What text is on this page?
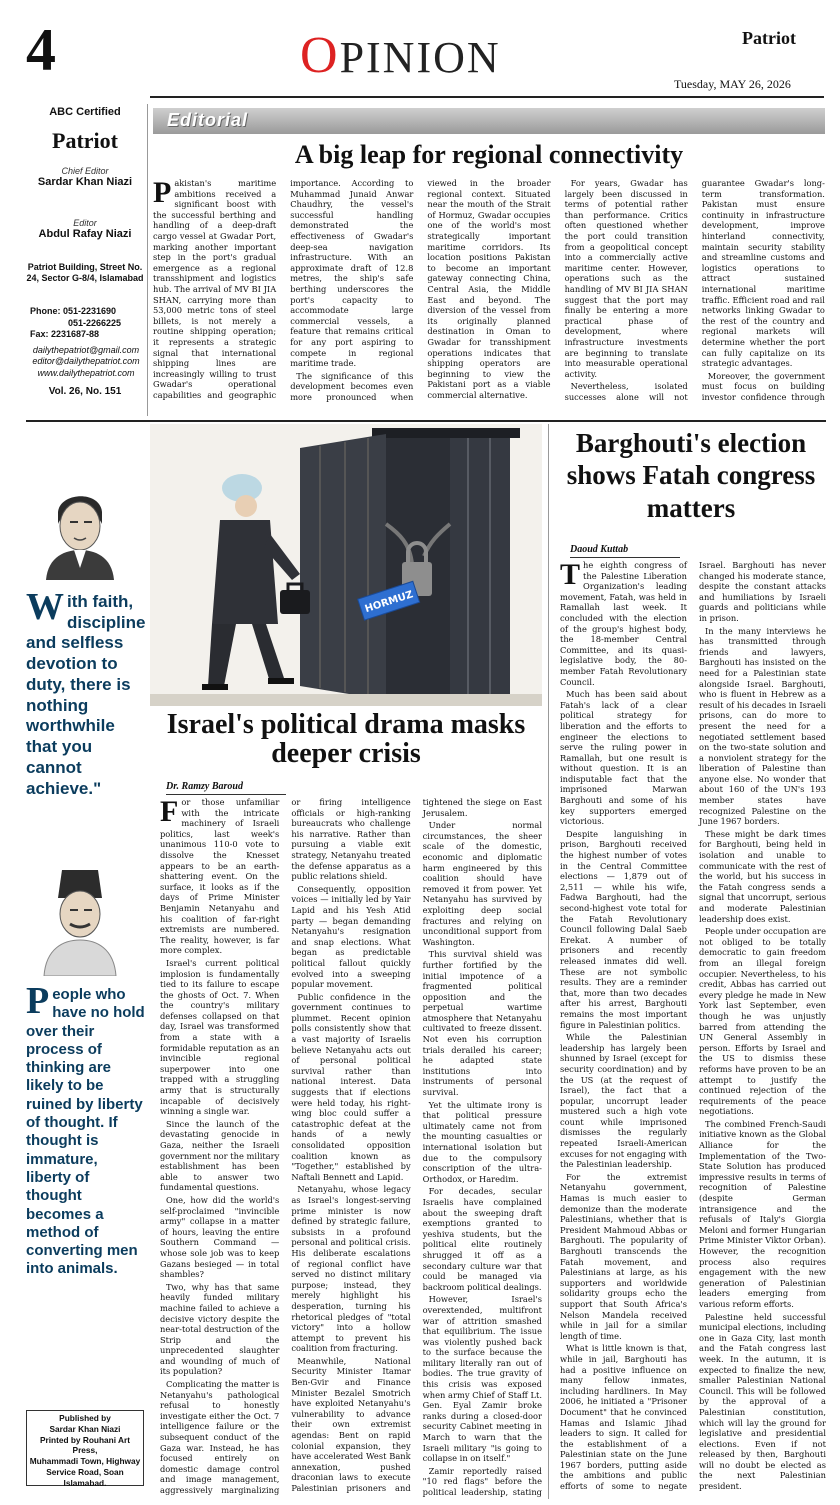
4	OPINION	Patriot
Tuesday, MAY 26, 2026
ABC Certified
Patriot
Chief Editor
Sardar Khan Niazi
Editor
Abdul Rafay Niazi
Patriot Building, Street No. 24, Sector G-8/4, Islamabad
Phone: 051-2231690
051-2266225
Fax: 2231687-88
dailythepatriot@gmail.com
editor@dailythepatriot.com
www.dailythepatriot.com
Vol. 26, No. 151
Editorial
A big leap for regional connectivity

Pakistan's maritime ambitions received a significant boost with the successful berthing and handling of a deep-draft cargo vessel at Gwadar Port, marking another important step in the port's gradual emergence as a regional transshipment and logistics hub. The arrival of MV BI JIA SHAN, carrying more than 53,000 metric tons of steel billets, is not merely a routine shipping operation; it represents a strategic signal that international shipping lines are increasingly willing to trust Gwadar's operational capabilities and geographic importance. According to Muhammad Junaid Anwar Chaudhry, the vessel's successful handling demonstrated the effectiveness of Gwadar's deep-sea navigation infrastructure. With an approximate draft of 12.8 metres, the ship's safe berthing underscores the port's capacity to accommodate large commercial vessels, a feature that remains critical for any port aspiring to compete in regional maritime trade.

The significance of this development becomes even more pronounced when viewed in the broader regional context. Situated near the mouth of the Strait of Hormuz, Gwadar occupies one of the world's most strategically important maritime corridors. Its location positions Pakistan to become an important gateway connecting China, Central Asia, the Middle East and beyond. The diversion of the vessel from its originally planned destination in Oman to Gwadar for transshipment operations indicates that shipping operators are beginning to view the Pakistani port as a viable commercial alternative.

For years, Gwadar has largely been discussed in terms of potential rather than performance. Critics often questioned whether the port could transition from a geopolitical concept into a commercially active maritime center. However, operations such as the handling of MV BI JIA SHAN suggest that the port may finally be entering a more practical phase of development, where infrastructure investments are beginning to translate into measurable operational activity.

Nevertheless, isolated successes alone will not guarantee Gwadar's long-term transformation. Pakistan must ensure continuity in infrastructure development, improve hinterland connectivity, maintain security stability and streamline customs and logistics operations to attract sustained international maritime traffic. Efficient road and rail networks linking Gwadar to the rest of the country and regional markets will determine whether the port can fully capitalize on its strategic advantages.

Moreover, the government must focus on building investor confidence through

HORMUZ
With faith, discipline and selfless devotion to duty, there is nothing worthwhile that you cannot achieve."
People who have no hold over their process of thinking are likely to be ruined by liberty of thought. If thought is immature, liberty of thought becomes a method of converting men into animals.
Published by
Sardar Khan Niazi
Printed by Rouhani Art Press,
Muhammadi Town, Highway
Service Road, Soan Islamabad.
Israel's political drama masks deeper crisis
Dr. Ramzy Baroud

For those unfamiliar with the intricate machinery of Israeli politics, last week's unanimous 110-0 vote to dissolve the Knesset appears to be an earth-shattering event. On the surface, it looks as if the days of Prime Minister Benjamin Netanyahu and his coalition of far-right extremists are numbered. The reality, however, is far more complex.

Israel's current political implosion is fundamentally tied to its failure to escape the ghosts of Oct. 7. When the country's military defenses collapsed on that day, Israel was transformed from a state with a formidable reputation as an invincible regional superpower into one trapped with a struggling army that is structurally incapable of decisively winning a single war.

Since the launch of the devastating genocide in Gaza, neither the Israeli government nor the military establishment has been able to answer two fundamental questions.

One, how did the world's self-proclaimed "invincible army" collapse in a matter of hours, leaving the entire Southern Command — whose sole job was to keep Gazans besieged — in total shambles?

Two, why has that same heavily funded military machine failed to achieve a decisive victory despite the near-total destruction of the Strip and the unprecedented slaughter and wounding of much of its population?

Complicating the matter is Netanyahu's pathological refusal to honestly investigate either the Oct. 7 intelligence failure or the subsequent conduct of the Gaza war. Instead, he has focused entirely on domestic damage control and image management, aggressively marginalizing or firing intelligence officials or high-ranking bureaucrats who challenge his narrative. Rather than pursuing a viable exit strategy, Netanyahu treated the defense apparatus as a public relations shield.

Consequently, opposition voices — initially led by Yair Lapid and his Yesh Atid party — began demanding Netanyahu's resignation and snap elections. What began as predictable political fallout quickly evolved into a sweeping popular movement.

Public confidence in the government continues to plummet. Recent opinion polls consistently show that a vast majority of Israelis believe Netanyahu acts out of personal political survival rather than national interest. Data suggests that if elections were held today, his right-wing bloc could suffer a catastrophic defeat at the hands of a newly consolidated opposition coalition known as "Together," established by Naftali Bennett and Lapid.

Netanyahu, whose legacy as Israel's longest-serving prime minister is now defined by strategic failure, subsists in a profound personal and political crisis. His deliberate escalations of regional conflict have served no distinct military purpose; instead, they merely highlight his desperation, turning his rhetorical pledges of "total victory" into a hollow attempt to prevent his coalition from fracturing.

Meanwhile, National Security Minister Itamar Ben-Gvir and Finance Minister Bezalel Smotrich have exploited Netanyahu's vulnerability to advance their own extremist agendas: Bent on rapid colonial expansion, they have accelerated West Bank annexation, pushed draconian laws to execute Palestinian prisoners and tightened the siege on East Jerusalem.

Under normal circumstances, the sheer scale of the domestic, economic and diplomatic harm engineered by this coalition should have removed it from power. Yet Netanyahu has survived by exploiting deep social fractures and relying on unconditional support from Washington.

This survival shield was further fortified by the initial impotence of a fragmented political opposition and the perpetual wartime atmosphere that Netanyahu cultivated to freeze dissent. Not even his corruption trials derailed his career; he adapted state institutions into instruments of personal survival.

Yet the ultimate irony is that political pressure ultimately came not from the mounting casualties or international isolation but due to the compulsory conscription of the ultra-Orthodox, or Haredim.

For decades, secular Israelis have complained about the sweeping draft exemptions granted to yeshiva students, but the political elite routinely shrugged it off as a secondary culture war that could be managed via backroom political dealings.

However, Israel's overextended, multifront war of attrition smashed that equilibrium. The issue was violently pushed back to the surface because the military literally ran out of bodies. The true gravity of this crisis was exposed when army Chief of Staff Lt. Gen. Eyal Zamir broke ranks during a closed-door security Cabinet meeting in March to warn that the Israeli military "is going to collapse in on itself."

Zamir reportedly raised "10 red flags" before the political leadership, stating

Barghouti's election shows Fatah congress matters
Daoud Kuttab

The eighth congress of the Palestine Liberation Organization's leading movement, Fatah, was held in Ramallah last week. It concluded with the election of the group's highest body, the 18-member Central Committee, and its quasi-legislative body, the 80-member Fatah Revolutionary Council.

Much has been said about Fatah's lack of a clear political strategy for liberation and the efforts to engineer the elections to serve the ruling power in Ramallah, but one result is without question. It is an indisputable fact that the imprisoned Marwan Barghouti and some of his key supporters emerged victorious.

Despite languishing in prison, Barghouti received the highest number of votes in the Central Committee elections — 1,879 out of 2,511 — while his wife, Fadwa Barghouti, had the second-highest vote total for the Fatah Revolutionary Council following Dalal Saeb Erekat. A number of prisoners and recently released inmates did well. These are not symbolic results. They are a reminder that, more than two decades after his arrest, Barghouti remains the most important figure in Palestinian politics.

While the Palestinian leadership has largely been shunned by Israel (except for security coordination) and by the US (at the request of Israel), the fact that a popular, uncorrupt leader mustered such a high vote count while imprisoned dismisses the regularly repeated Israeli-American excuses for not engaging with the Palestinian leadership.

For the extremist Netanyahu government, Hamas is much easier to demonize than the moderate Palestinians, whether that is President Mahmoud Abbas or Barghouti. The popularity of Barghouti transcends the Fatah movement, and Palestinians at large, as his supporters and worldwide solidarity groups echo the support that South Africa's Nelson Mandela received while in jail for a similar length of time.

What is little known is that, while in jail, Barghouti has had a positive influence on many fellow inmates, including hardliners. In May 2006, he initiated a "Prisoner Document" that he convinced Hamas and Islamic Jihad leaders to sign. It called for the establishment of a Palestinian state on the June 1967 borders, putting aside the ambitions and public efforts of some to negate Israel. Barghouti has never changed his moderate stance, despite the constant attacks and humiliations by Israeli guards and politicians while in prison.

In the many interviews he has transmitted through friends and lawyers, Barghouti has insisted on the need for a Palestinian state alongside Israel. Barghouti, who is fluent in Hebrew as a result of his decades in Israeli prisons, can do more to present the need for a negotiated settlement based on the two-state solution and a nonviolent strategy for the liberation of Palestine than anyone else. No wonder that about 160 of the UN's 193 member states have recognized Palestine on the June 1967 borders.

These might be dark times for Barghouti, being held in isolation and unable to communicate with the rest of the world, but his success in the Fatah congress sends a signal that uncorrupt, serious and moderate Palestinian leadership does exist.

People under occupation are not obliged to be totally democratic to gain freedom from an illegal foreign occupier. Nevertheless, to his credit, Abbas has carried out every pledge he made in New York last September, even though he was unjustly barred from attending the UN General Assembly in person. Efforts by Israel and the US to dismiss these reforms have proven to be an attempt to justify the continued rejection of the requirements of the peace negotiations.

The combined French-Saudi initiative known as the Global Alliance for the Implementation of the Two-State Solution has produced impressive results in terms of recognition of Palestine (despite German intransigence and the refusals of Italy's Giorgia Meloni and former Hungarian Prime Minister Viktor Orban). However, the recognition process also requires engagement with the new generation of Palestinian leaders emerging from various reform efforts.

Palestine held successful municipal elections, including one in Gaza City, last month and the Fatah congress last week. In the autumn, it is expected to finalize the new, smaller Palestinian National Council. This will be followed by the approval of a Palestinian constitution, which will lay the ground for legislative and presidential elections. Even if not released by then, Barghouti will no doubt be elected as the next Palestinian president.
